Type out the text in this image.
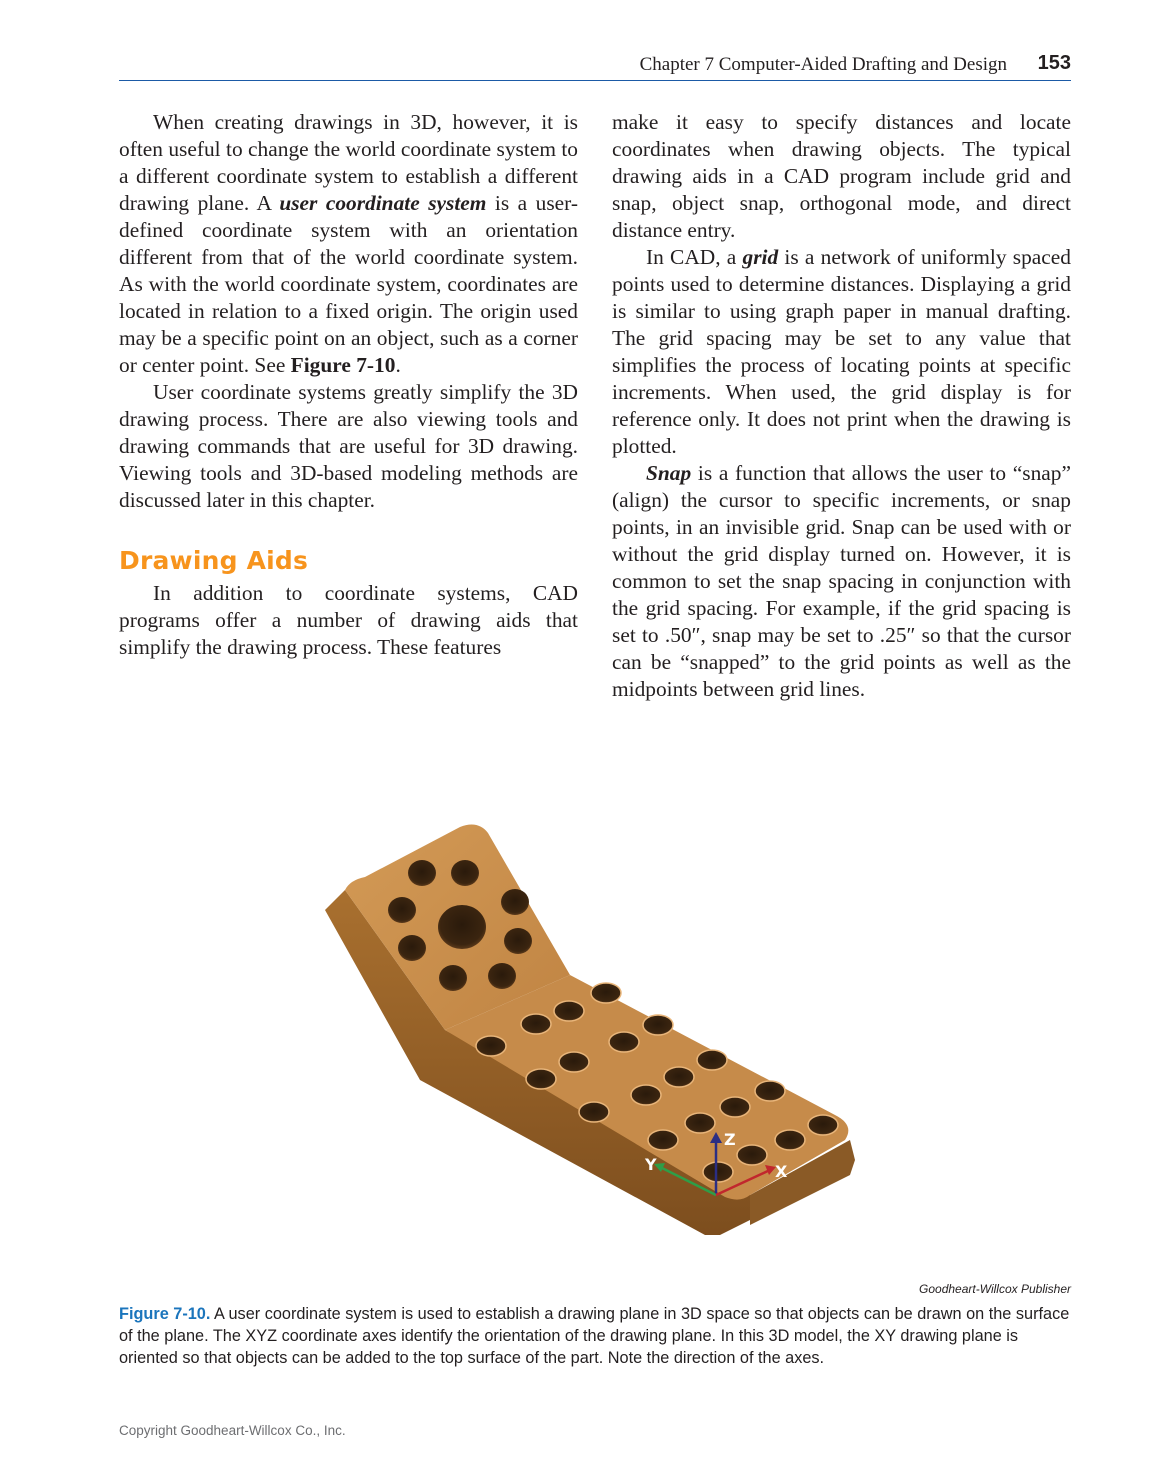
Chapter 7 Computer-Aided Drafting and Design 153

When creating drawings in 3D, however, it is often useful to change the world coordinate system to a different coordinate system to establish a different drawing plane. A user coordinate system is a user-defined coordinate system with an orientation different from that of the world coordinate system. As with the world coordinate system, coordinates are located in relation to a fixed origin. The origin used may be a specific point on an object, such as a corner or center point. See Figure 7-10.

User coordinate systems greatly simplify the 3D drawing process. There are also viewing tools and drawing commands that are useful for 3D drawing. Viewing tools and 3D-based modeling methods are discussed later in this chapter.

Drawing Aids

In addition to coordinate systems, CAD programs offer a number of drawing aids that simplify the drawing process. These features

make it easy to specify distances and locate coordinates when drawing objects. The typical drawing aids in a CAD program include grid and snap, object snap, orthogonal mode, and direct distance entry.

In CAD, a grid is a network of uniformly spaced points used to determine distances. Displaying a grid is similar to using graph paper in manual drafting. The grid spacing may be set to any value that simplifies the process of locating points at specific increments. When used, the grid display is for reference only. It does not print when the drawing is plotted.

Snap is a function that allows the user to “snap” (align) the cursor to specific increments, or snap points, in an invisible grid. Snap can be used with or without the grid display turned on. However, it is common to set the snap spacing in conjunction with the grid spacing. For example, if the grid spacing is set to .50″, snap may be set to .25″ so that the cursor can be “snapped” to the grid points as well as the midpoints between grid lines.

Z
Y	X
Goodheart-Willcox Publisher
Figure 7-10. A user coordinate system is used to establish a drawing plane in 3D space so that objects can be drawn on the surface of the plane. The XYZ coordinate axes identify the orientation of the drawing plane. In this 3D model, the XY drawing plane is oriented so that objects can be added to the top surface of the part. Note the direction of the axes.
Copyright Goodheart-Willcox Co., Inc.
